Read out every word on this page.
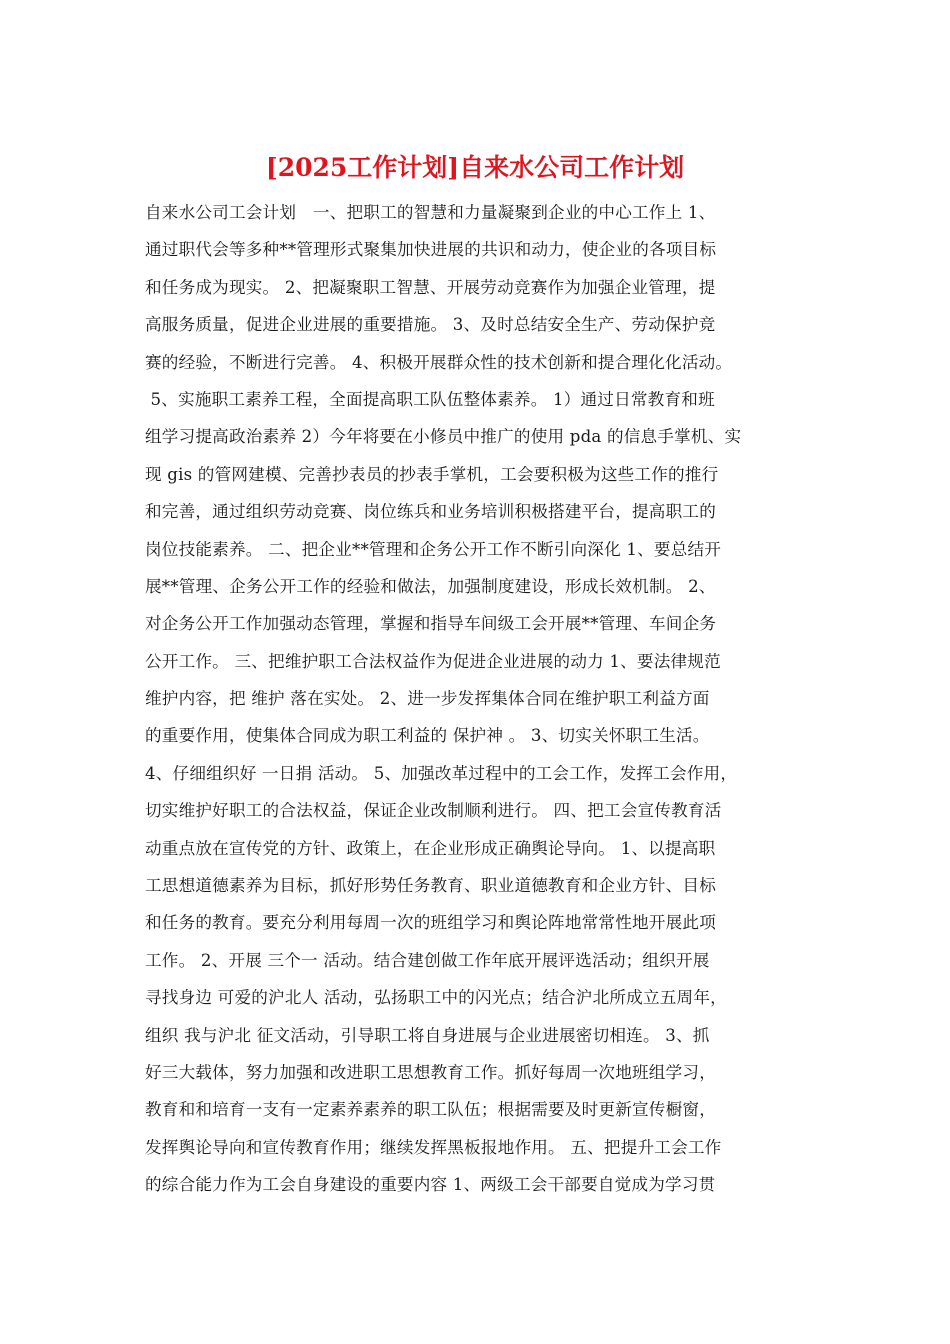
[2025工作计划]自来水公司工作计划
自来水公司工会计划　一、把职工的智慧和力量凝聚到企业的中心工作上 1、
通过职代会等多种**管理形式聚集加快进展的共识和动力，使企业的各项目标
和任务成为现实。 2、把凝聚职工智慧、开展劳动竞赛作为加强企业管理，提
高服务质量，促进企业进展的重要措施。 3、及时总结安全生产、劳动保护竞
赛的经验，不断进行完善。 4、积极开展群众性的技术创新和提合理化化活动。
5、实施职工素养工程，全面提高职工队伍整体素养。 1）通过日常教育和班
组学习提高政治素养 2）今年将要在小修员中推广的使用 pda 的信息手掌机、实
现 gis 的管网建模、完善抄表员的抄表手掌机，工会要积极为这些工作的推行
和完善，通过组织劳动竞赛、岗位练兵和业务培训积极搭建平台，提高职工的
岗位技能素养。 二、把企业**管理和企务公开工作不断引向深化 1、要总结开
展**管理、企务公开工作的经验和做法，加强制度建设，形成长效机制。 2、
对企务公开工作加强动态管理，掌握和指导车间级工会开展**管理、车间企务
公开工作。 三、把维护职工合法权益作为促进企业进展的动力 1、要法律规范
维护内容，把 维护 落在实处。 2、进一步发挥集体合同在维护职工利益方面
的重要作用，使集体合同成为职工利益的 保护神 。 3、切实关怀职工生活。
4、仔细组织好 一日捐 活动。 5、加强改革过程中的工会工作，发挥工会作用，
切实维护好职工的合法权益，保证企业改制顺利进行。 四、把工会宣传教育活
动重点放在宣传党的方针、政策上，在企业形成正确舆论导向。 1、以提高职
工思想道德素养为目标，抓好形势任务教育、职业道德教育和企业方针、目标
和任务的教育。要充分利用每周一次的班组学习和舆论阵地常常性地开展此项
工作。 2、开展 三个一 活动。结合建创做工作年底开展评选活动；组织开展
寻找身边 可爱的沪北人 活动，弘扬职工中的闪光点；结合沪北所成立五周年，
组织 我与沪北 征文活动，引导职工将自身进展与企业进展密切相连。 3、抓
好三大载体，努力加强和改进职工思想教育工作。抓好每周一次地班组学习，
教育和和培育一支有一定素养素养的职工队伍；根据需要及时更新宣传橱窗，
发挥舆论导向和宣传教育作用；继续发挥黑板报地作用。 五、把提升工会工作
的综合能力作为工会自身建设的重要内容 1、两级工会干部要自觉成为学习贯
